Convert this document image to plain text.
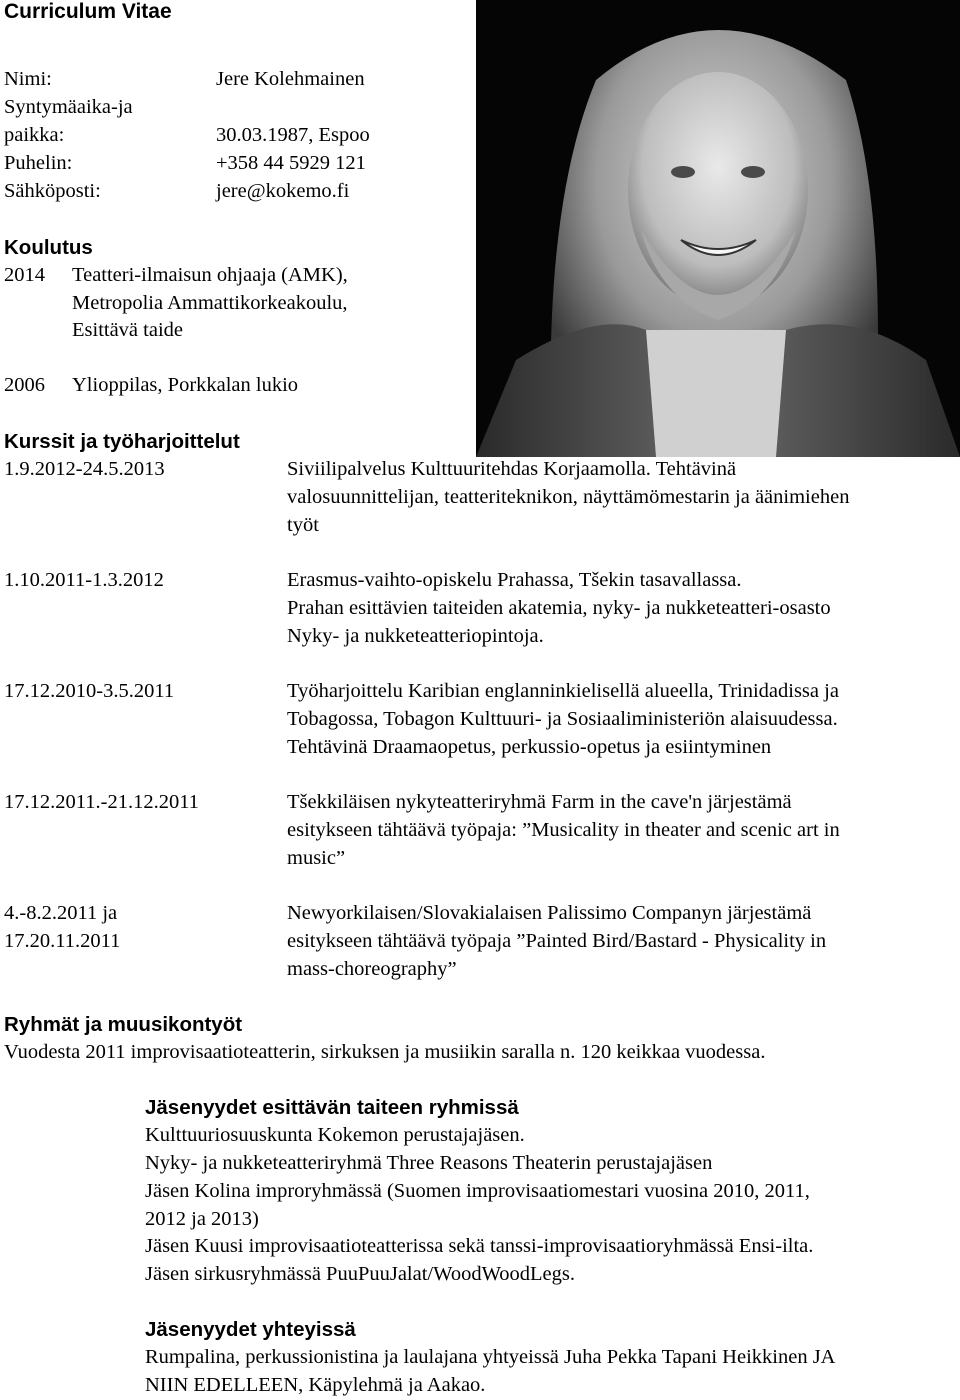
Curriculum Vitae
Nimi:	Jere Kolehmainen
Syntymäaika-ja
paikka:	30.03.1987, Espoo
Puhelin:	+358 44 5929 121
Sähköposti:	jere@kokemo.fi
Koulutus
2014 Teatteri-ilmaisun ohjaaja (AMK),
Metropolia Ammattikorkeakoulu,
Esittävä taide
2006 Ylioppilas, Porkkalan lukio
Kurssit ja työharjoittelut
1.9.2012-24.5.2013	Siviilipalvelus Kulttuuritehdas Korjaamolla. Tehtävinä
valosuunnittelijan, teatteriteknikon, näyttämömestarin ja äänimiehen
työt
1.10.2011-1.3.2012	Erasmus-vaihto-opiskelu Prahassa, Tšekin tasavallassa.
Prahan esittävien taiteiden akatemia, nyky- ja nukketeatteri-osasto
Nyky- ja nukketeatteriopintoja.
17.12.2010-3.5.2011	Työharjoittelu Karibian englanninkielisellä alueella, Trinidadissa ja
Tobagossa, Tobagon Kulttuuri- ja Sosiaaliministeriön alaisuudessa.
Tehtävinä Draamaopetus, perkussio-opetus ja esiintyminen
17.12.2011.-21.12.2011	Tšekkiläisen nykyteatteriryhmä Farm in the cave'n järjestämä
esitykseen tähtäävä työpaja: ”Musicality in theater and scenic art in
music”
4.-8.2.2011 ja
17.20.11.2011
Newyorkilaisen/Slovakialaisen Palissimo Companyn järjestämä
esitykseen tähtäävä työpaja ”Painted Bird/Bastard - Physicality in
mass-choreography”
Ryhmät ja muusikontyöt
Vuodesta 2011 improvisaatioteatterin, sirkuksen ja musiikin saralla n. 120 keikkaa vuodessa.
Jäsenyydet esittävän taiteen ryhmissä
Kulttuuriosuuskunta Kokemon perustajajäsen.
Nyky- ja nukketeatteriryhmä Three Reasons Theaterin perustajajäsen
Jäsen Kolina improryhmässä (Suomen improvisaatiomestari vuosina 2010, 2011,
2012 ja 2013)
Jäsen Kuusi improvisaatioteatterissa sekä tanssi-improvisaatioryhmässä Ensi-ilta.
Jäsen sirkusryhmässä PuuPuuJalat/WoodWoodLegs.
Jäsenyydet yhteyissä
Rumpalina, perkussionistina ja laulajana yhtyeissä Juha Pekka Tapani Heikkinen JA
NIIN EDELLEEN, Käpylehmä ja Aakao.
